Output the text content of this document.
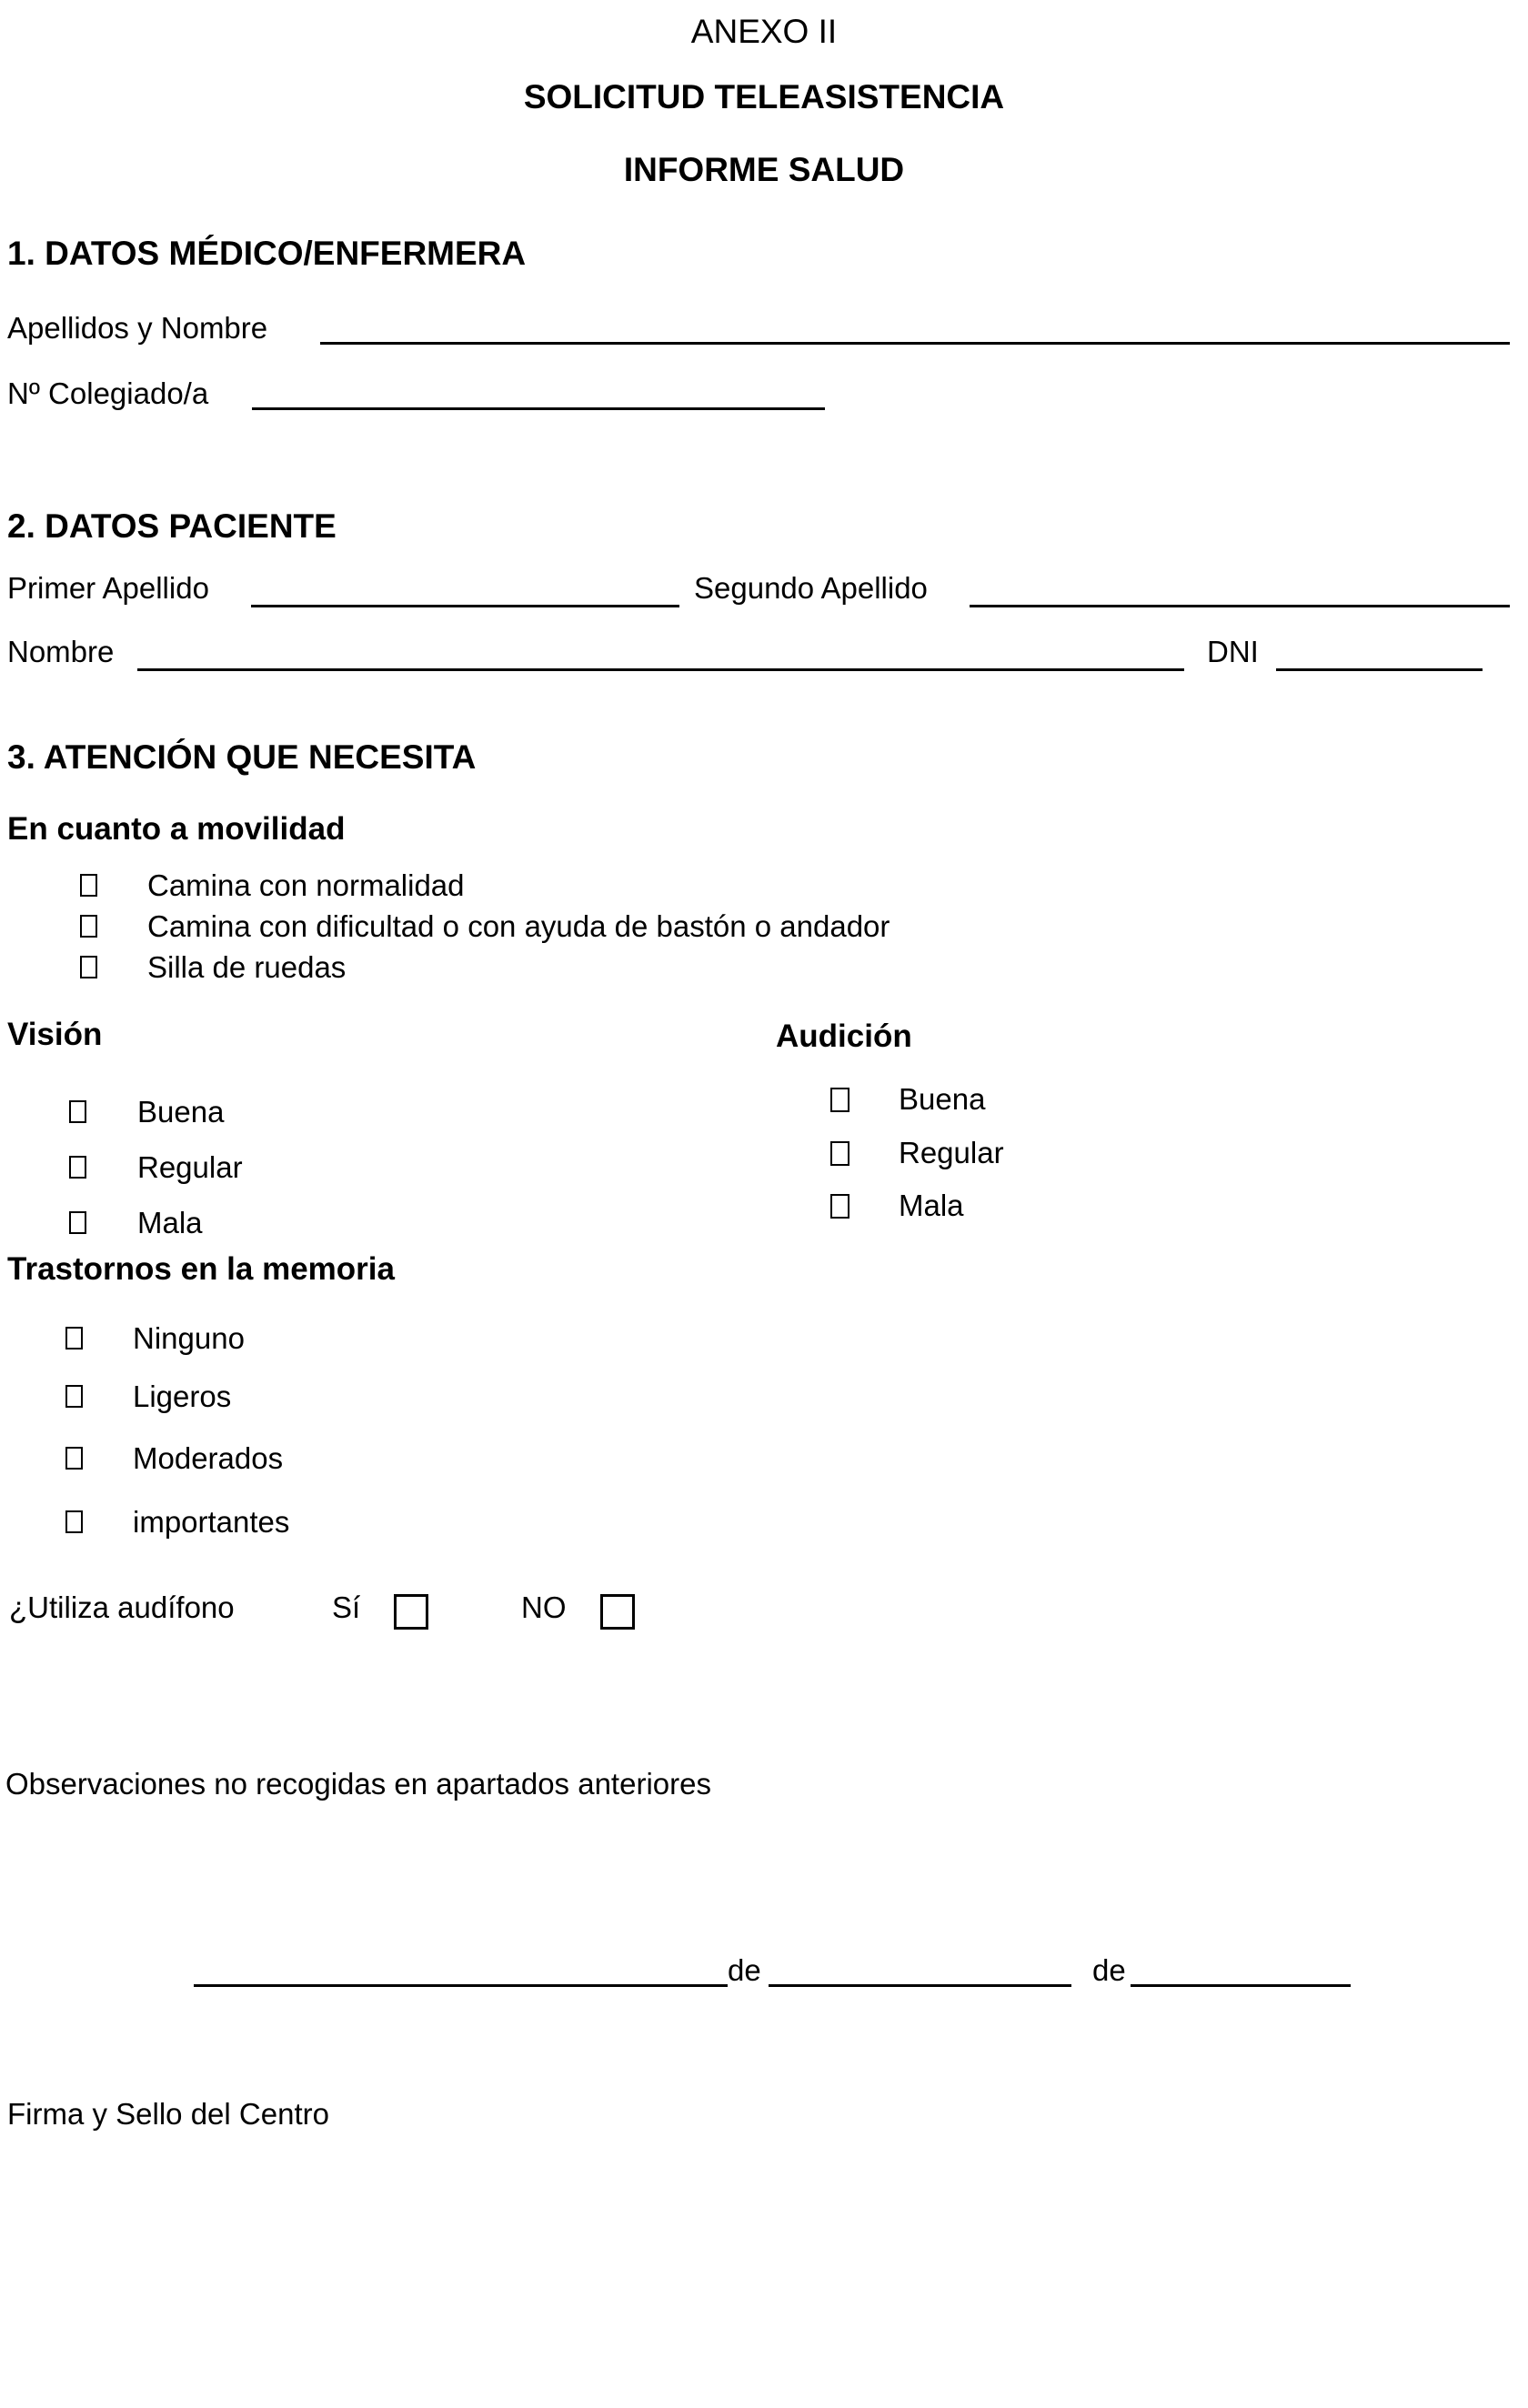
ANEXO II
SOLICITUD TELEASISTENCIA
INFORME SALUD
1. DATOS MÉDICO/ENFERMERA
Apellidos y Nombre
Nº Colegiado/a
2. DATOS PACIENTE
Primer Apellido	Segundo Apellido
Nombre	DNI
3. ATENCIÓN QUE NECESITA
En cuanto a movilidad
Camina con normalidad
Camina con dificultad o con ayuda de bastón o andador
Silla de ruedas
Visión
Buena
Regular
Mala
Audición
Buena
Regular
Mala
Trastornos en la memoria
Ninguno
Ligeros
Moderados
importantes
¿Utiliza audífono	Sí	NO
Observaciones no recogidas en apartados anteriores
de	de
Firma y Sello del Centro
